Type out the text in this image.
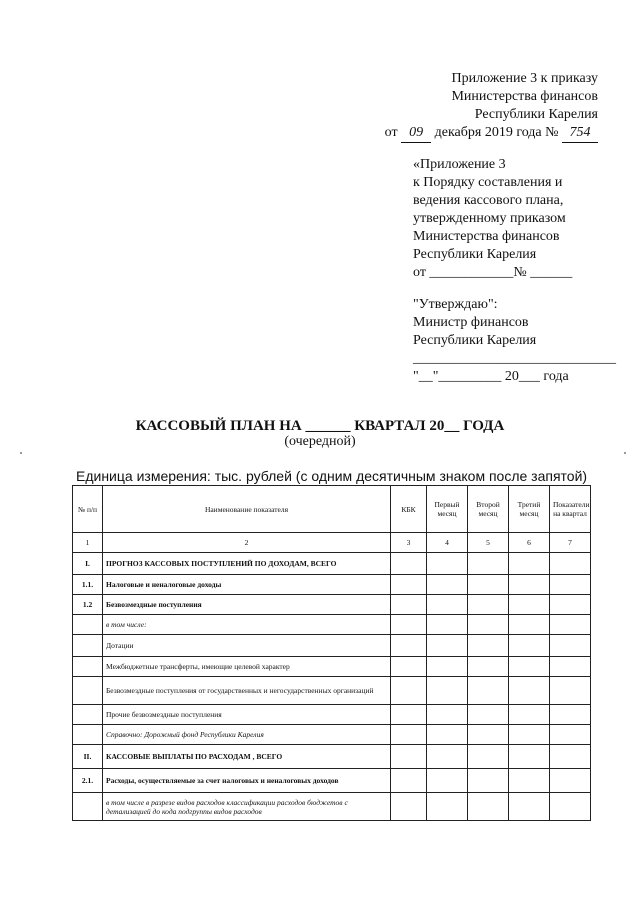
Приложение 3 к приказу
Министерства финансов
Республики Карелия
от 09 декабря 2019 года № 754
«Приложение 3
к Порядку составления и
ведения кассового плана,
утвержденному приказом
Министерства финансов
Республики Карелия
от ____________№ ______
"Утверждаю":
Министр финансов
Республики Карелия
_____________________________
"__"_________ 20___ года
КАССОВЫЙ ПЛАН НА ______ КВАРТАЛ 20__ ГОДА
(очередной)
Единица измерения: тыс. рублей (с одним десятичным знаком после запятой)
№ п/п	Наименование показателя	КБК	Первый месяц	Второй месяц	Третий месяц	Показатели на квартал
1	2	3	4	5	6	7
I.	ПРОГНОЗ КАССОВЫХ ПОСТУПЛЕНИЙ ПО ДОХОДАМ, ВСЕГО					
1.1.	Налоговые и неналоговые доходы					
1.2	Безвозмездные поступления					
	в том числе:					
	Дотации					
	Межбюджетные трансферты, имеющие целевой характер					
	Безвозмездные поступления от государственных и негосударственных организаций					
	Прочие безвозмездные поступления					
	Справочно: Дорожный фонд Республики Карелия					
II.	КАССОВЫЕ ВЫПЛАТЫ ПО РАСХОДАМ , ВСЕГО					
2.1.	Расходы, осуществляемые за счет налоговых и неналоговых доходов					
	в том числе в разрезе видов расходов классификации расходов бюджетов с детализацией до кода подгруппы видов расходов					
